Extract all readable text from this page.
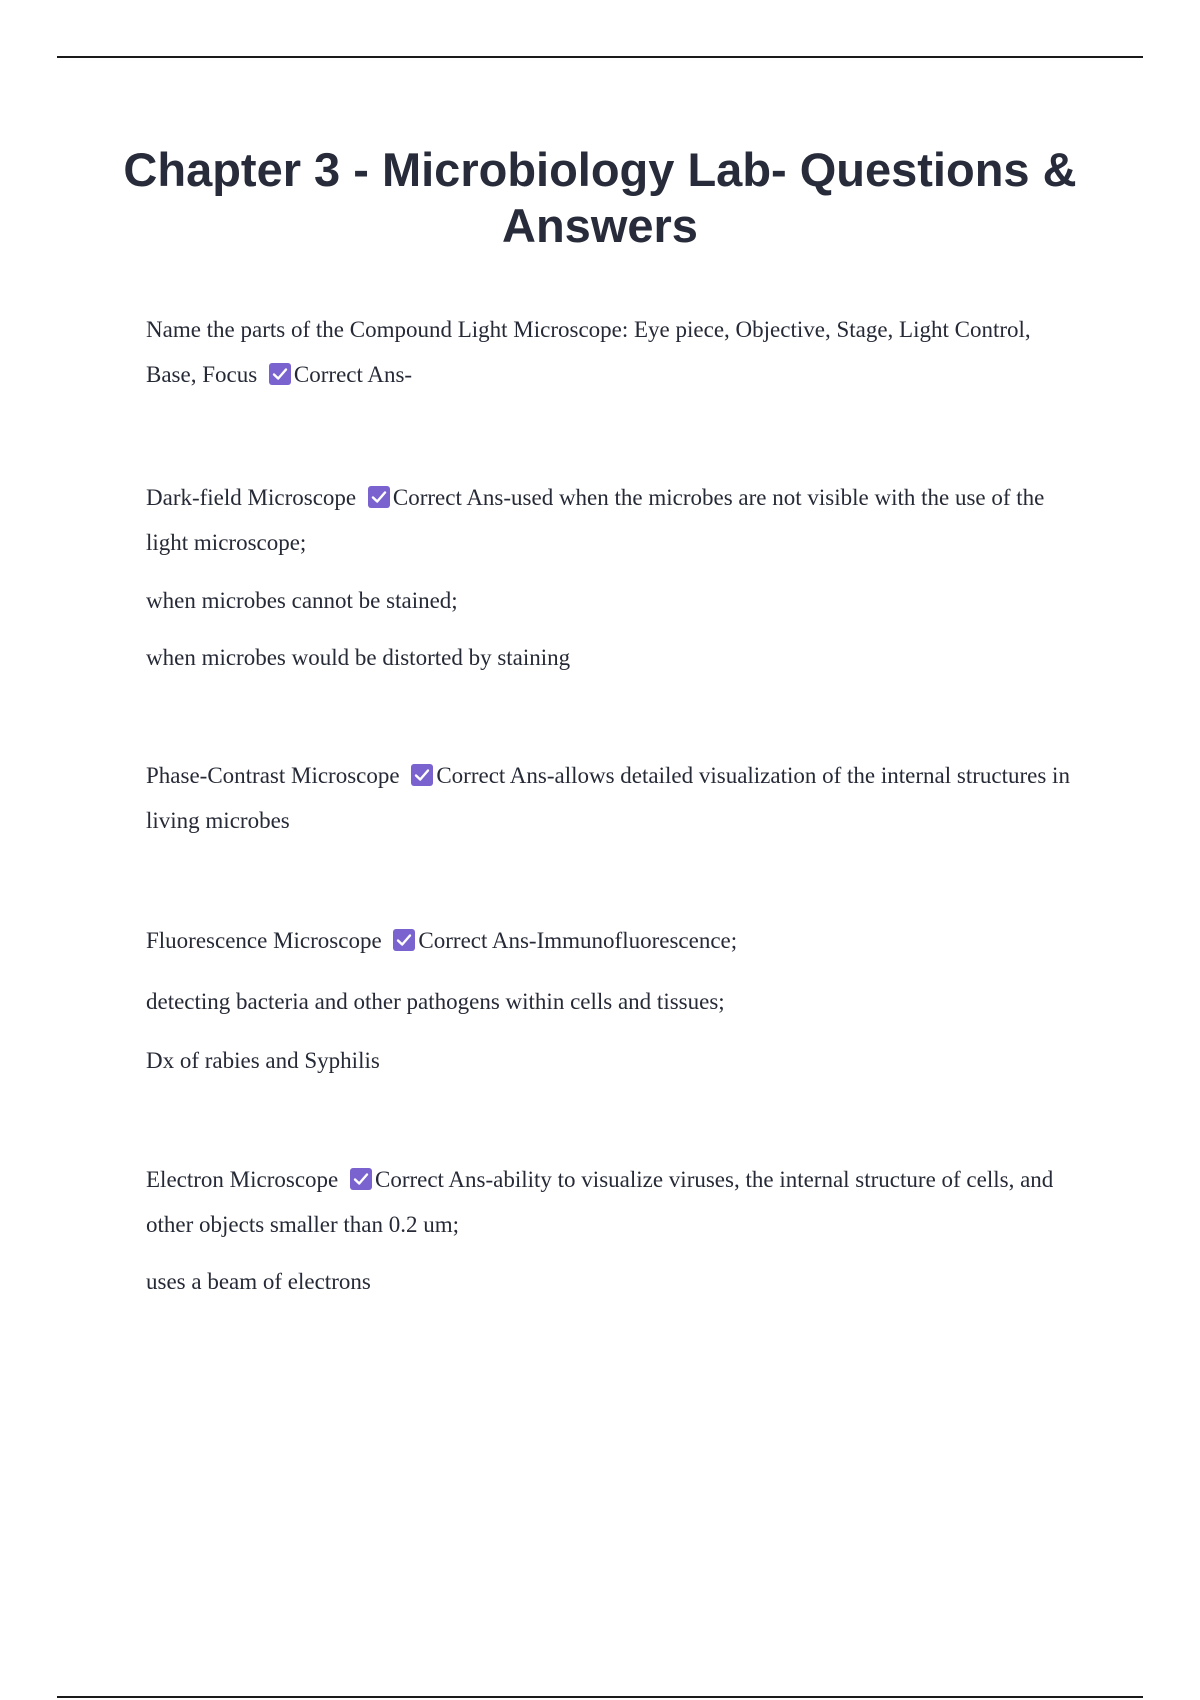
Chapter 3 - Microbiology Lab- Questions & Answers

Name the parts of the Compound Light Microscope: Eye piece, Objective, Stage, Light Control, Base, Focus Correct Ans-

Dark-field Microscope Correct Ans-used when the microbes are not visible with the use of the light microscope;

when microbes cannot be stained;

when microbes would be distorted by staining

Phase-Contrast Microscope Correct Ans-allows detailed visualization of the internal structures in living microbes

Fluorescence Microscope Correct Ans-Immunofluorescence;

detecting bacteria and other pathogens within cells and tissues;

Dx of rabies and Syphilis

Electron Microscope Correct Ans-ability to visualize viruses, the internal structure of cells, and other objects smaller than 0.2 um;

uses a beam of electrons
